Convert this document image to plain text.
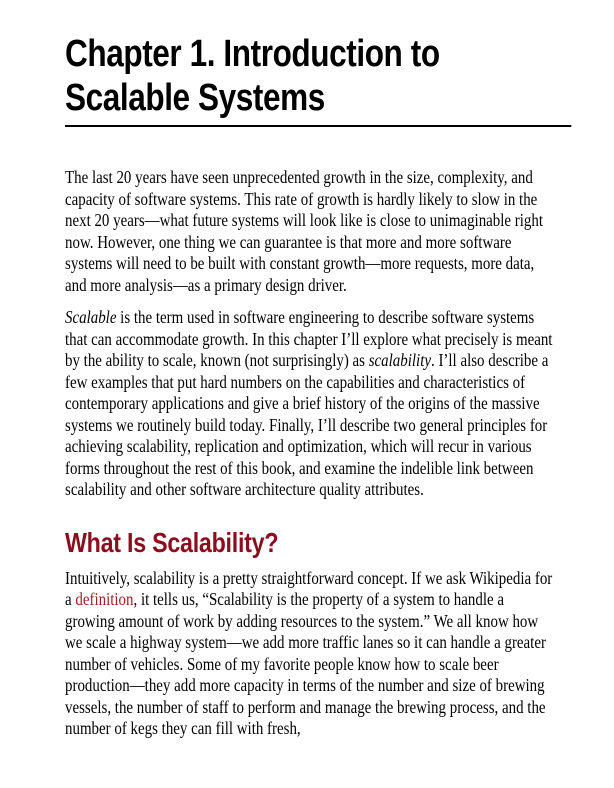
Chapter 1. Introduction to
Scalable Systems

The last 20 years have seen unprecedented growth in the size, complexity, and capacity of software systems. This rate of growth is hardly likely to slow in the next 20 years—what future systems will look like is close to unimaginable right now. However, one thing we can guarantee is that more and more software systems will need to be built with constant growth—more requests, more data, and more analysis—as a primary design driver.

Scalable is the term used in software engineering to describe software systems that can accommodate growth. In this chapter I’ll explore what precisely is meant by the ability to scale, known (not surprisingly) as scalability. I’ll also describe a few examples that put hard numbers on the capabilities and characteristics of contemporary applications and give a brief history of the origins of the massive systems we routinely build today. Finally, I’ll describe two general principles for achieving scalability, replication and optimization, which will recur in various forms throughout the rest of this book, and examine the indelible link between scalability and other software architecture quality attributes.

What Is Scalability?

Intuitively, scalability is a pretty straightforward concept. If we ask Wikipedia for a definition, it tells us, “Scalability is the property of a system to handle a growing amount of work by adding resources to the system.” We all know how we scale a highway system—we add more traffic lanes so it can handle a greater number of vehicles. Some of my favorite people know how to scale beer production—they add more capacity in terms of the number and size of brewing vessels, the number of staff to perform and manage the brewing process, and the number of kegs they can fill with fresh,
